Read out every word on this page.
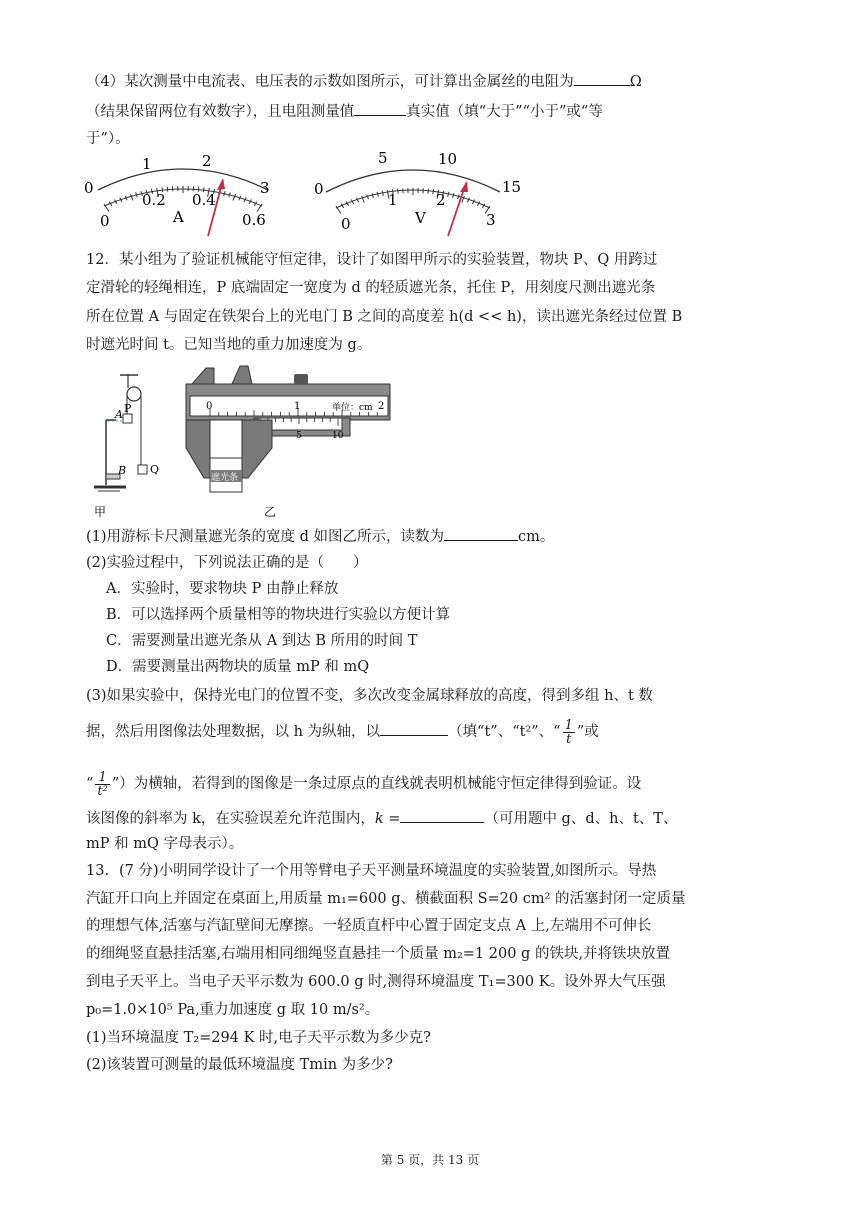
（4）某次测量中电流表、电压表的示数如图所示，可计算出金属丝的电阻为	Ω
（结果保留两位有效数字），且电阻测量值	真实值（填“大于”“小于”或“等
于”）。
0
1	2
3
0
0.2 0.4
0.6
A
0
5	10
15
0
1	2
3
V
12．某小组为了验证机械能守恒定律，设计了如图甲所示的实验装置，物块 P、Q 用跨过
定滑轮的轻绳相连，P 底端固定一宽度为 d 的轻质遮光条，托住 P，用刻度尺测出遮光条
所在位置 A 与固定在铁架台上的光电门 B 之间的高度差 h(d << h)，读出遮光条经过位置 B
时遮光时间 t。已知当地的重力加速度为 g。
A P
B Q
甲
0	1	2
单位：cm
5	10
遮光条
乙
(1)用游标卡尺测量遮光条的宽度 d 如图乙所示，读数为	cm。
(2)实验过程中，下列说法正确的是（　　）
A．实验时，要求物块 P 由静止释放
B．可以选择两个质量相等的物块进行实验以方便计算
C．需要测量出遮光条从 A 到达 B 所用的时间 T
D．需要测量出两物块的质量 mP 和 mQ
(3)如果实验中，保持光电门的位置不变，多次改变金属球释放的高度，得到多组 h、t 数
据，然后用图像法处理数据，以 h 为纵轴，以	（填“t”、“t²”、“ $\frac{1}{t}$ ”或
“ $\frac{1}{\text{t²}}$ ”）为横轴，若得到的图像是一条过原点的直线就表明机械能守恒定律得到验证。设
该图像的斜率为 k，在实验误差允许范围内，k =	（可用题中 g、d、h、t、T、
mP 和 mQ 字母表示）。
13．(7 分)小明同学设计了一个用等臂电子天平测量环境温度的实验装置,如图所示。导热
汽缸开口向上并固定在桌面上,用质量 m₁=600 g、横截面积 S=20 cm² 的活塞封闭一定质量
的理想气体,活塞与汽缸壁间无摩擦。一轻质直杆中心置于固定支点 A 上,左端用不可伸长
的细绳竖直悬挂活塞,右端用相同细绳竖直悬挂一个质量 m₂=1 200 g 的铁块,并将铁块放置
到电子天平上。当电子天平示数为 600.0 g 时,测得环境温度 T₁=300 K。设外界大气压强
p₀=1.0×10⁵ Pa,重力加速度 g 取 10 m/s²。
(1)当环境温度 T₂=294 K 时,电子天平示数为多少克?
(2)该装置可测量的最低环境温度 Tmin 为多少?
第 5 页，共 13 页
